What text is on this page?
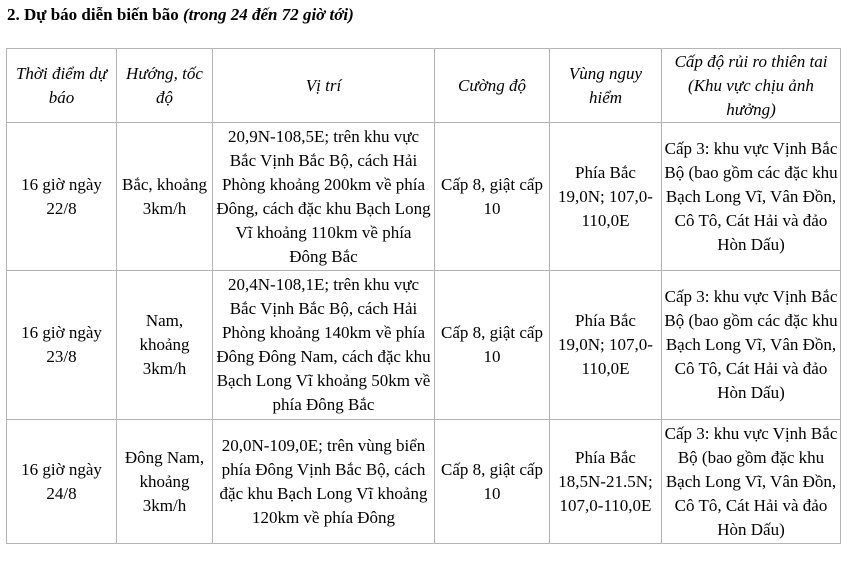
2. Dự báo diễn biến bão (trong 24 đến 72 giờ tới)
Thời điểm dự báo	Hướng, tốc độ	Vị trí	Cường độ	Vùng nguy hiểm	Cấp độ rủi ro thiên tai (Khu vực chịu ảnh hưởng)
16 giờ ngày 22/8	Bắc, khoảng 3km/h	20,9N-108,5E; trên khu vực Bắc Vịnh Bắc Bộ, cách Hải Phòng khoảng 200km về phía Đông, cách đặc khu Bạch Long Vĩ khoảng 110km về phía Đông Bắc	Cấp 8, giật cấp 10	Phía Bắc 19,0N; 107,0-110,0E	Cấp 3: khu vực Vịnh Bắc Bộ (bao gồm các đặc khu Bạch Long Vĩ, Vân Đồn, Cô Tô, Cát Hải và đảo Hòn Dấu)
16 giờ ngày 23/8	Nam, khoảng 3km/h	20,4N-108,1E; trên khu vực Bắc Vịnh Bắc Bộ, cách Hải Phòng khoảng 140km về phía Đông Đông Nam, cách đặc khu Bạch Long Vĩ khoảng 50km về phía Đông Bắc	Cấp 8, giật cấp 10	Phía Bắc 19,0N; 107,0-110,0E	Cấp 3: khu vực Vịnh Bắc Bộ (bao gồm các đặc khu Bạch Long Vĩ, Vân Đồn, Cô Tô, Cát Hải và đảo Hòn Dấu)
16 giờ ngày 24/8	Đông Nam, khoảng 3km/h	20,0N-109,0E; trên vùng biển phía Đông Vịnh Bắc Bộ, cách đặc khu Bạch Long Vĩ khoảng 120km về phía Đông	Cấp 8, giật cấp 10	Phía Bắc 18,5N-21.5N; 107,0-110,0E	Cấp 3: khu vực Vịnh Bắc Bộ (bao gồm đặc khu Bạch Long Vĩ, Vân Đồn, Cô Tô, Cát Hải và đảo Hòn Dấu)
